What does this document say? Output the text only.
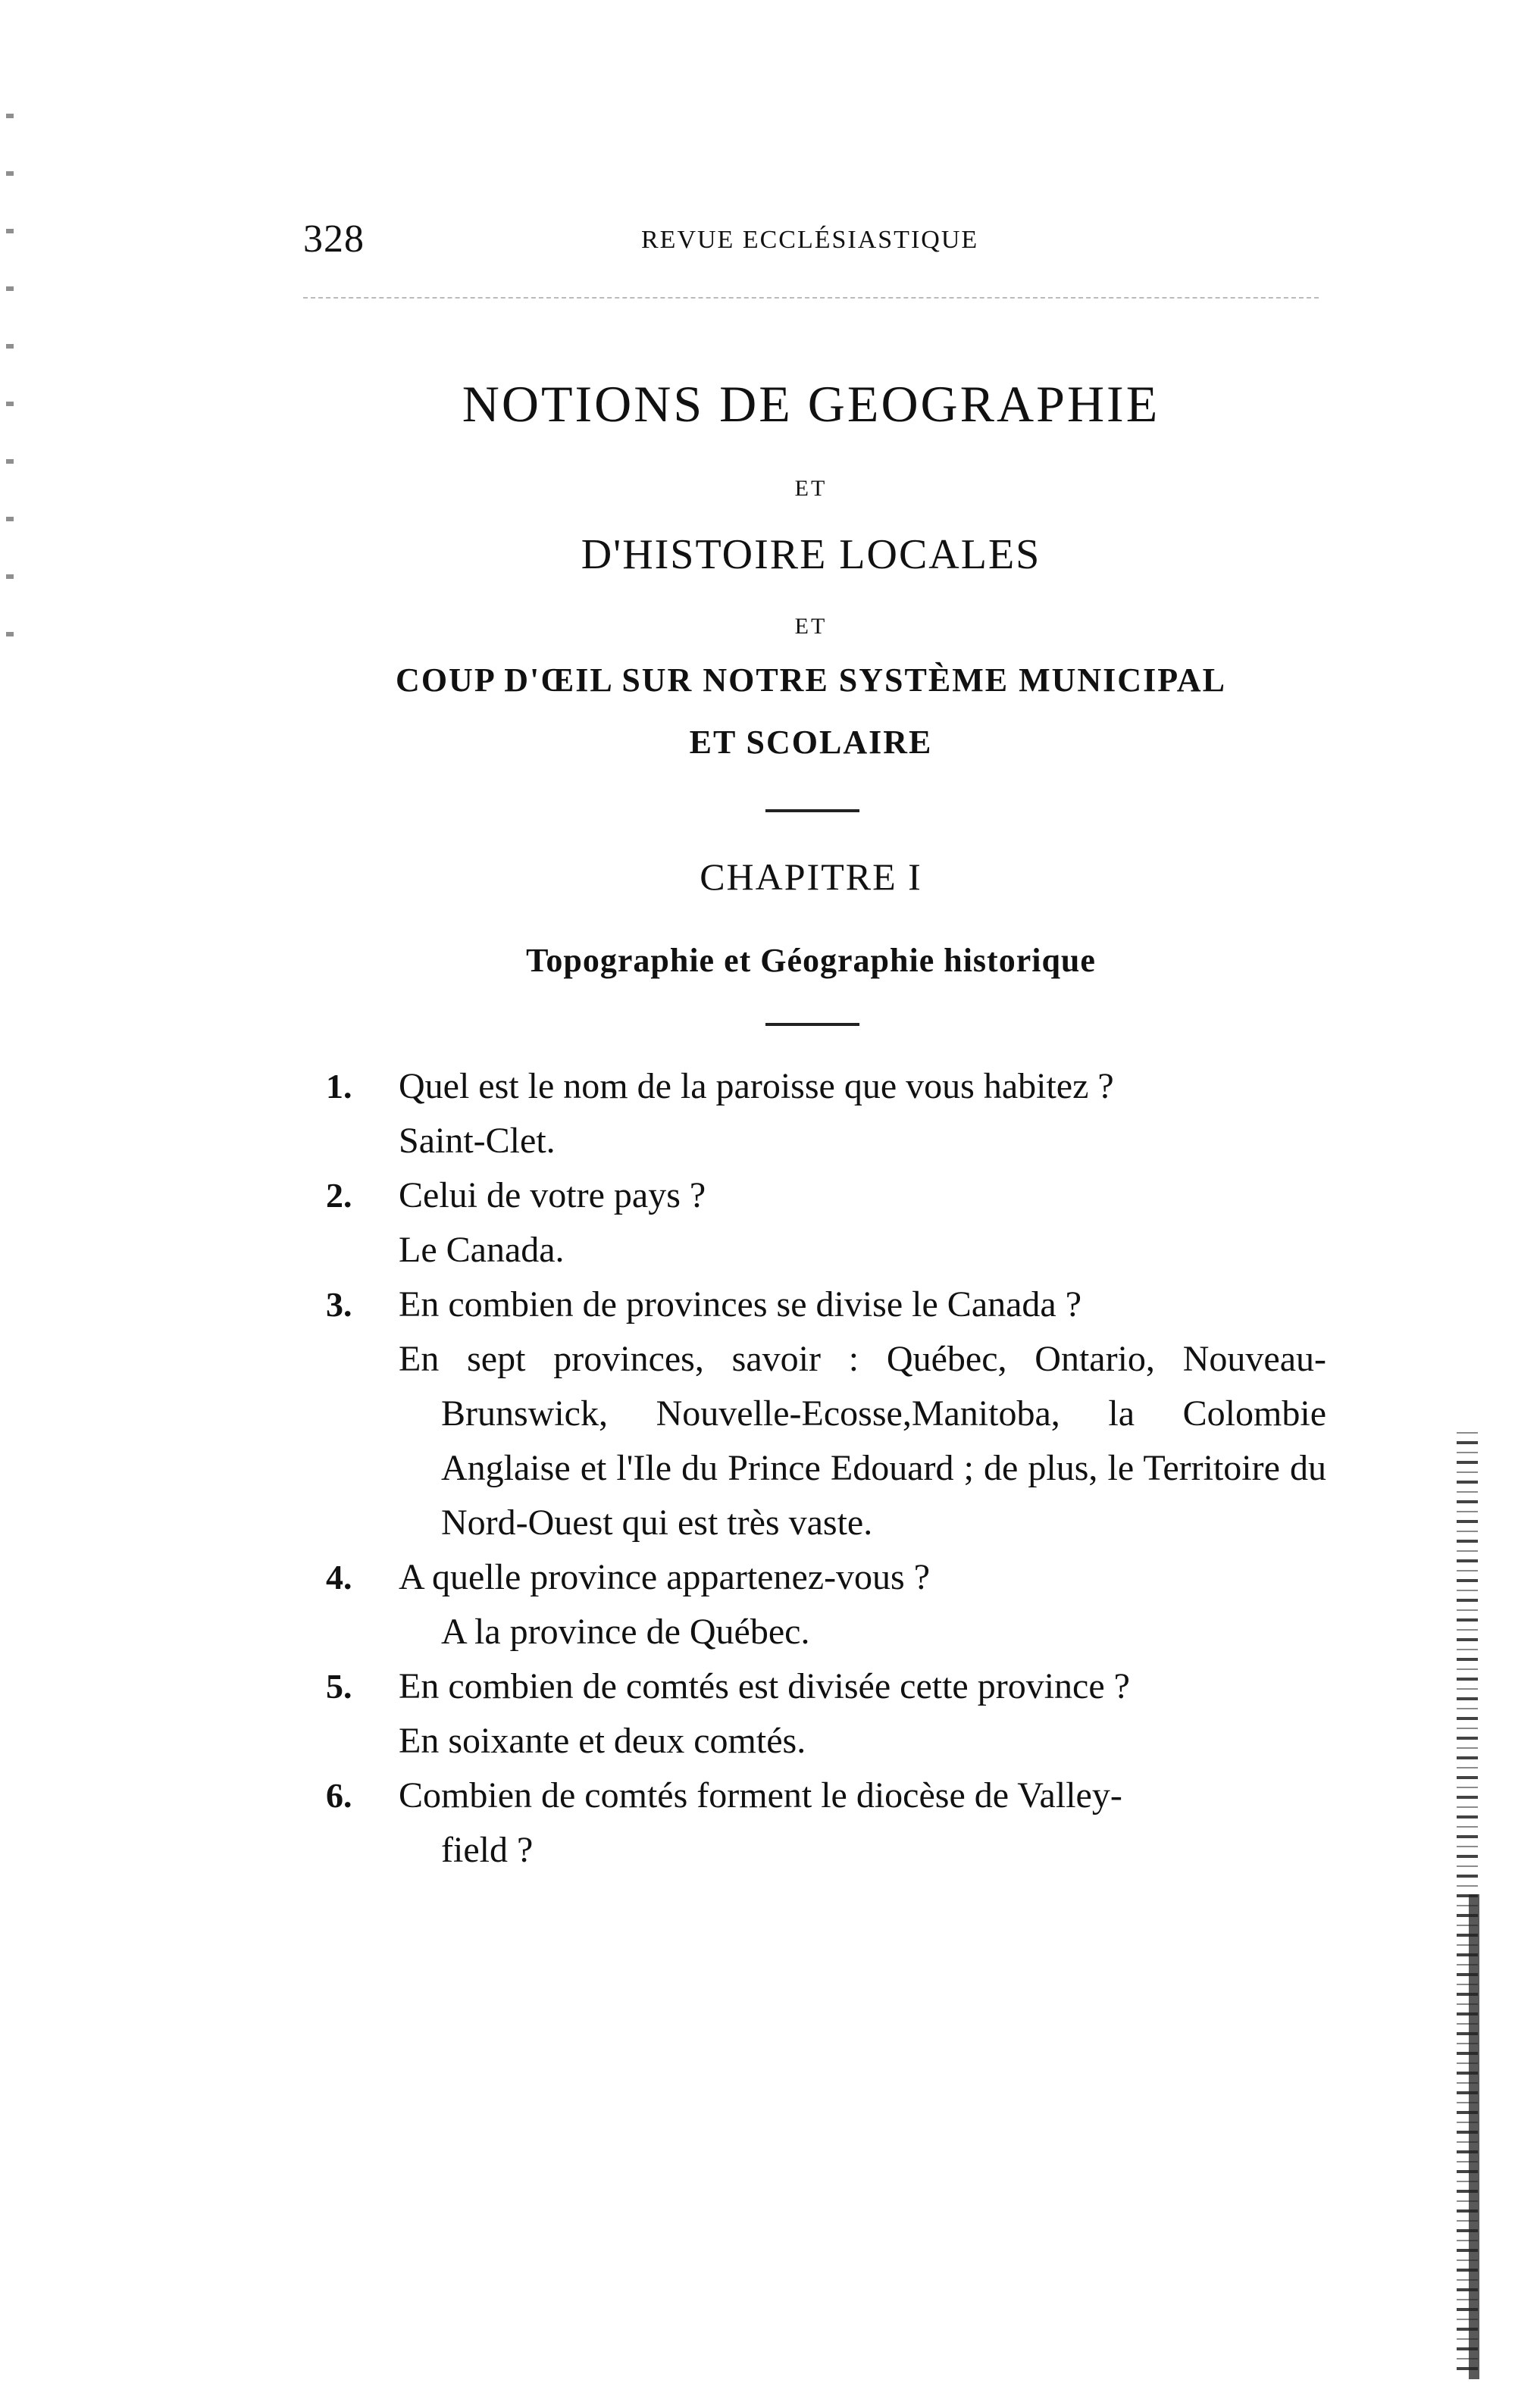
328	REVUE ECCLÉSIASTIQUE
NOTIONS DE GEOGRAPHIE
ET
D'HISTOIRE LOCALES
ET
COUP D'ŒIL SUR NOTRE SYSTÈME MUNICIPAL
ET SCOLAIRE
CHAPITRE I
Topographie et Géographie historique
1. Quel est le nom de la paroisse que vous habitez ?
Saint-Clet.
2. Celui de votre pays ?
Le Canada.
3. En combien de provinces se divise le Canada ?
En sept provinces, savoir : Québec, Ontario, Nouveau-Brunswick, Nouvelle-Ecosse,Manitoba, la Colombie Anglaise et l'Ile du Prince Edouard ; de plus, le Territoire du Nord-Ouest qui est très vaste.
4. A quelle province appartenez-vous ?
A la province de Québec.
5. En combien de comtés est divisée cette province ?
En soixante et deux comtés.
6. Combien de comtés forment le diocèse de Valley-
field ?
